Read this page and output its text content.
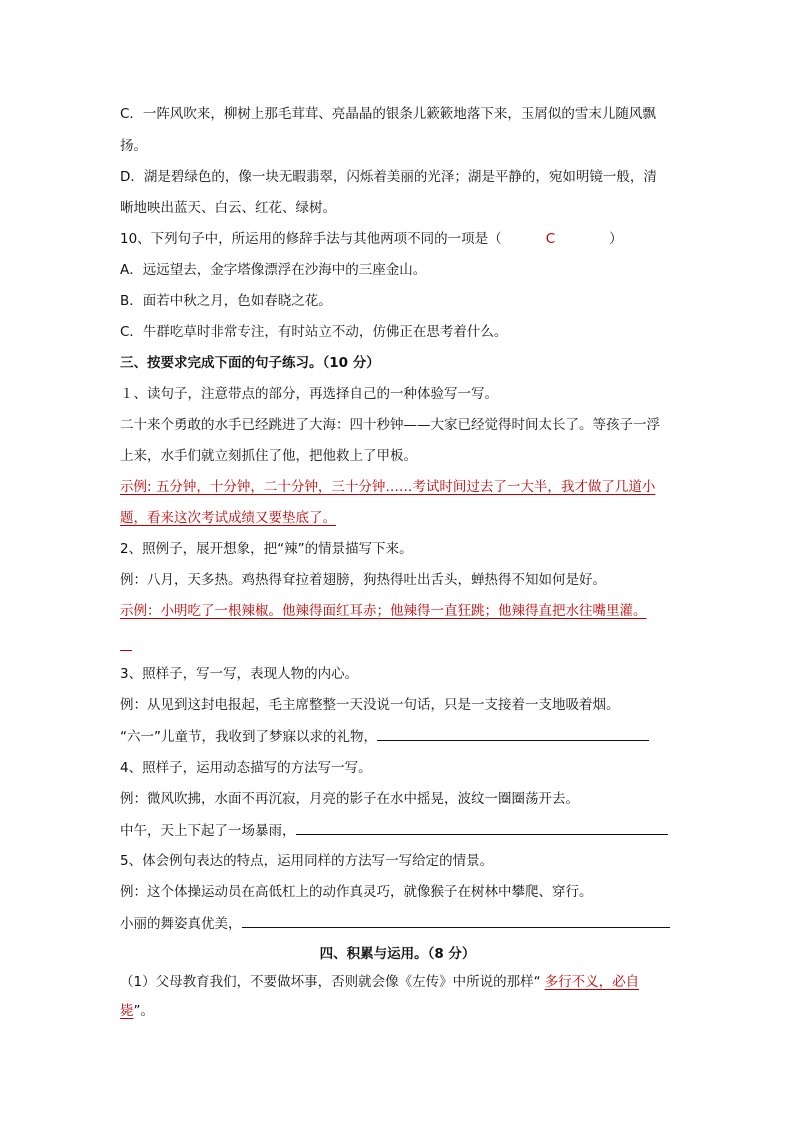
C．一阵风吹来，柳树上那毛茸茸、亮晶晶的银条儿簌簌地落下来，玉屑似的雪末儿随风飘
扬。
D．湖是碧绿色的，像一块无暇翡翠，闪烁着美丽的光泽；湖是平静的，宛如明镜一般，清
晰地映出蓝天、白云、红花、绿树。
10、下列句子中，所运用的修辞手法与其他两项不同的一项是（	C	）
A．远远望去，金字塔像漂浮在沙海中的三座金山。
B．面若中秋之月，色如春晓之花。
C．牛群吃草时非常专注，有时站立不动，仿佛正在思考着什么。
三、按要求完成下面的句子练习。（10 分）
１、读句子，注意带点的部分，再选择自己的一种体验写一写。
二十来个勇敢的水手已经跳进了大海：四十秒钟——大家已经觉得时间太长了。等孩子一浮
上来，水手们就立刻抓住了他，把他救上了甲板。
示例: 五分钟，十分钟，二十分钟，三十分钟……考试时间过去了一大半，我才做了几道小
题，看来这次考试成绩又要垫底了。
2、照例子，展开想象，把“辣”的情景描写下来。
例：八月，天多热。鸡热得耷拉着翅膀，狗热得吐出舌头，蝉热得不知如何是好。
示例：小明吃了一根辣椒。他辣得面红耳赤；他辣得一直狂跳；他辣得直把水往嘴里灌。
3、照样子，写一写，表现人物的内心。
例：从见到这封电报起，毛主席整整一天没说一句话，只是一支接着一支地吸着烟。
“六一”儿童节，我收到了梦寐以求的礼物，
4、照样子，运用动态描写的方法写一写。
例：微风吹拂，水面不再沉寂，月亮的影子在水中摇晃，波纹一圈圈荡开去。
中午，天上下起了一场暴雨，
5、体会例句表达的特点，运用同样的方法写一写给定的情景。
例：这个体操运动员在高低杠上的动作真灵巧，就像猴子在树林中攀爬、穿行。
小丽的舞姿真优美，
四、积累与运用。（8 分）
（1）父母教育我们，不要做坏事，否则就会像《左传》中所说的那样“ 多行不义，必自
毙”。
